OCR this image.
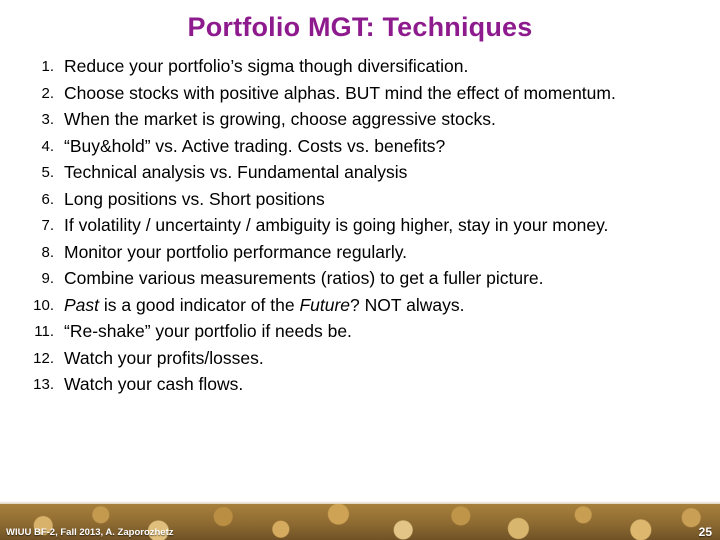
Portfolio MGT: Techniques
1. Reduce your portfolio’s sigma though diversification.
2. Choose stocks with positive alphas. BUT mind the effect of momentum.
3. When the market is growing, choose aggressive stocks.
4. “Buy&hold” vs. Active trading. Costs vs. benefits?
5. Technical analysis vs. Fundamental analysis
6. Long positions vs. Short positions
7. If volatility / uncertainty / ambiguity is going higher, stay in your money.
8. Monitor your portfolio performance regularly.
9. Combine various measurements (ratios) to get a fuller picture.
10. Past is a good indicator of the Future? NOT always.
11. “Re-shake” your portfolio if needs be.
12. Watch your profits/losses.
13. Watch your cash flows.
WIUU BF-2, Fall 2013, A. Zaporozhetz	25
